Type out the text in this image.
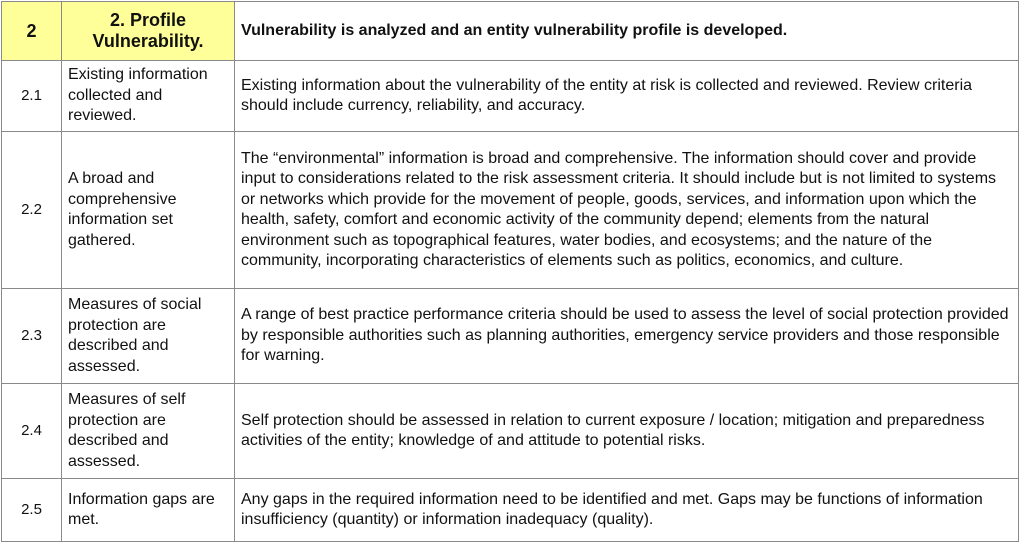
2	2. Profile Vulnerability.	Vulnerability is analyzed and an entity vulnerability profile is developed.

2.1	Existing information collected and reviewed.	Existing information about the vulnerability of the entity at risk is collected and reviewed. Review criteria should include currency, reliability, and accuracy.

2.2	A broad and comprehensive information set gathered.	The “environmental” information is broad and comprehensive. The information should cover and provide input to considerations related to the risk assessment criteria. It should include but is not limited to systems or networks which provide for the movement of people, goods, services, and information upon which the health, safety, comfort and economic activity of the community depend; elements from the natural environment such as topographical features, water bodies, and ecosystems; and the nature of the community, incorporating characteristics of elements such as politics, economics, and culture.

2.3	Measures of social protection are described and assessed.	A range of best practice performance criteria should be used to assess the level of social protection provided by responsible authorities such as planning authorities, emergency service providers and those responsible for warning.

2.4	Measures of self protection are described and assessed.	Self protection should be assessed in relation to current exposure / location; mitigation and preparedness activities of the entity; knowledge of and attitude to potential risks.

2.5	Information gaps are met.	Any gaps in the required information need to be identified and met. Gaps may be functions of information insufficiency (quantity) or information inadequacy (quality).
